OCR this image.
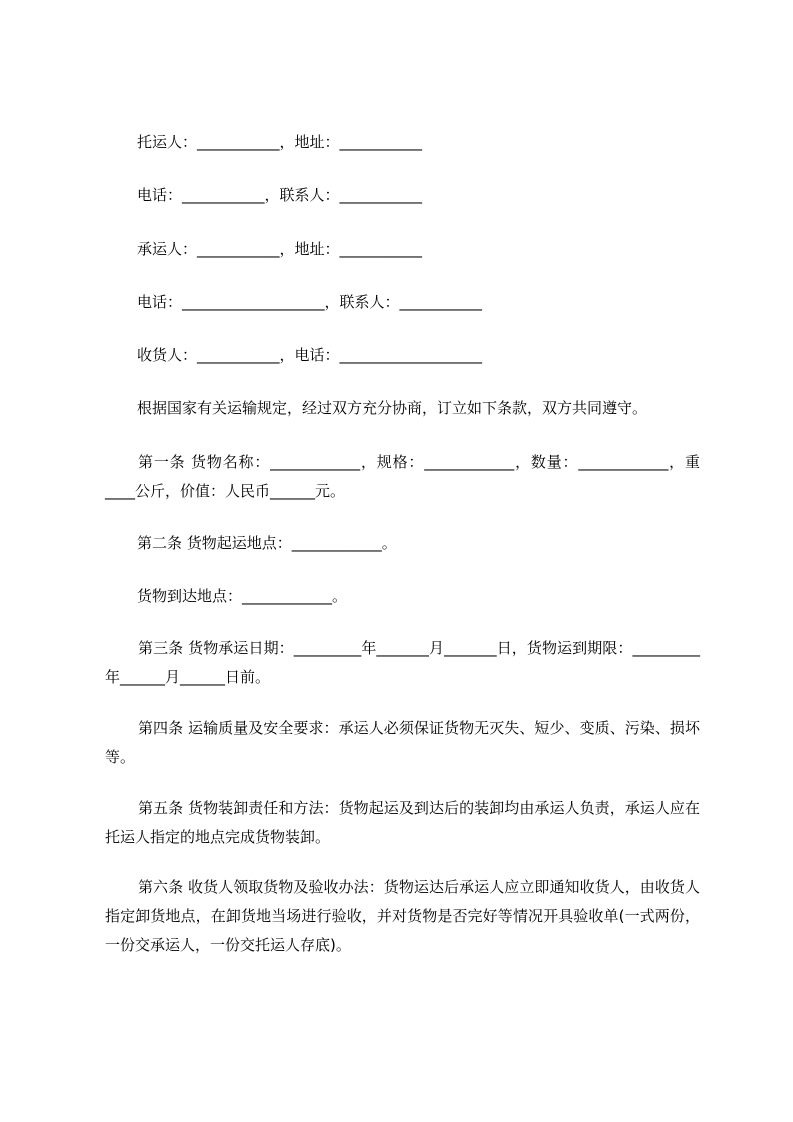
托运人：___________，地址：___________
电话：___________，联系人：___________
承运人：___________，地址：___________
电话：___________________，联系人：___________
收货人：___________，电话：___________________
根据国家有关运输规定，经过双方充分协商，订立如下条款，双方共同遵守。
第一条 货物名称：____________，规格：____________，数量：____________，重____公斤，价值：人民币______元。
第二条 货物起运地点：____________。
货物到达地点：____________。
第三条 货物承运日期：_________年_______月_______日，货物运到期限：_________年______月______日前。
第四条 运输质量及安全要求：承运人必须保证货物无灭失、短少、变质、污染、损坏等。
第五条 货物装卸责任和方法：货物起运及到达后的装卸均由承运人负责，承运人应在托运人指定的地点完成货物装卸。
第六条 收货人领取货物及验收办法：货物运达后承运人应立即通知收货人，由收货人指定卸货地点，在卸货地当场进行验收，并对货物是否完好等情况开具验收单(一式两份，一份交承运人，一份交托运人存底)。
